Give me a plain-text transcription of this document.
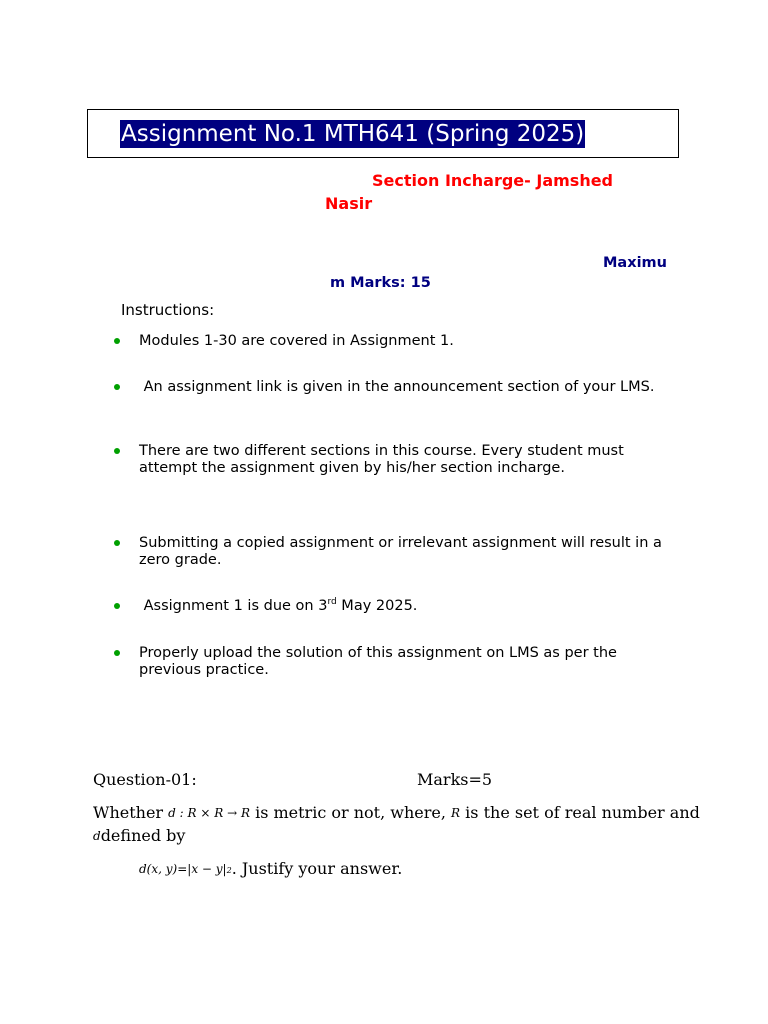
Assignment No.1 MTH641 (Spring 2025)
Section Incharge- Jamshed
Nasir
Maximu
m Marks: 15
Instructions:
Modules 1-30 are covered in Assignment 1.
An assignment link is given in the announcement section of your LMS.
There are two different sections in this course. Every student must attempt the assignment given by his/her section incharge.
Submitting a copied assignment or irrelevant assignment will result in a zero grade.
Assignment 1 is due on 3rd May 2025.
Properly upload the solution of this assignment on LMS as per the previous practice.
Question-01:	Marks=5
Whether d : R × R → R is metric or not, where, R is the set of real number and
ddefined by
d(x, $y)=|x - y|^2$. Justify your answer.
